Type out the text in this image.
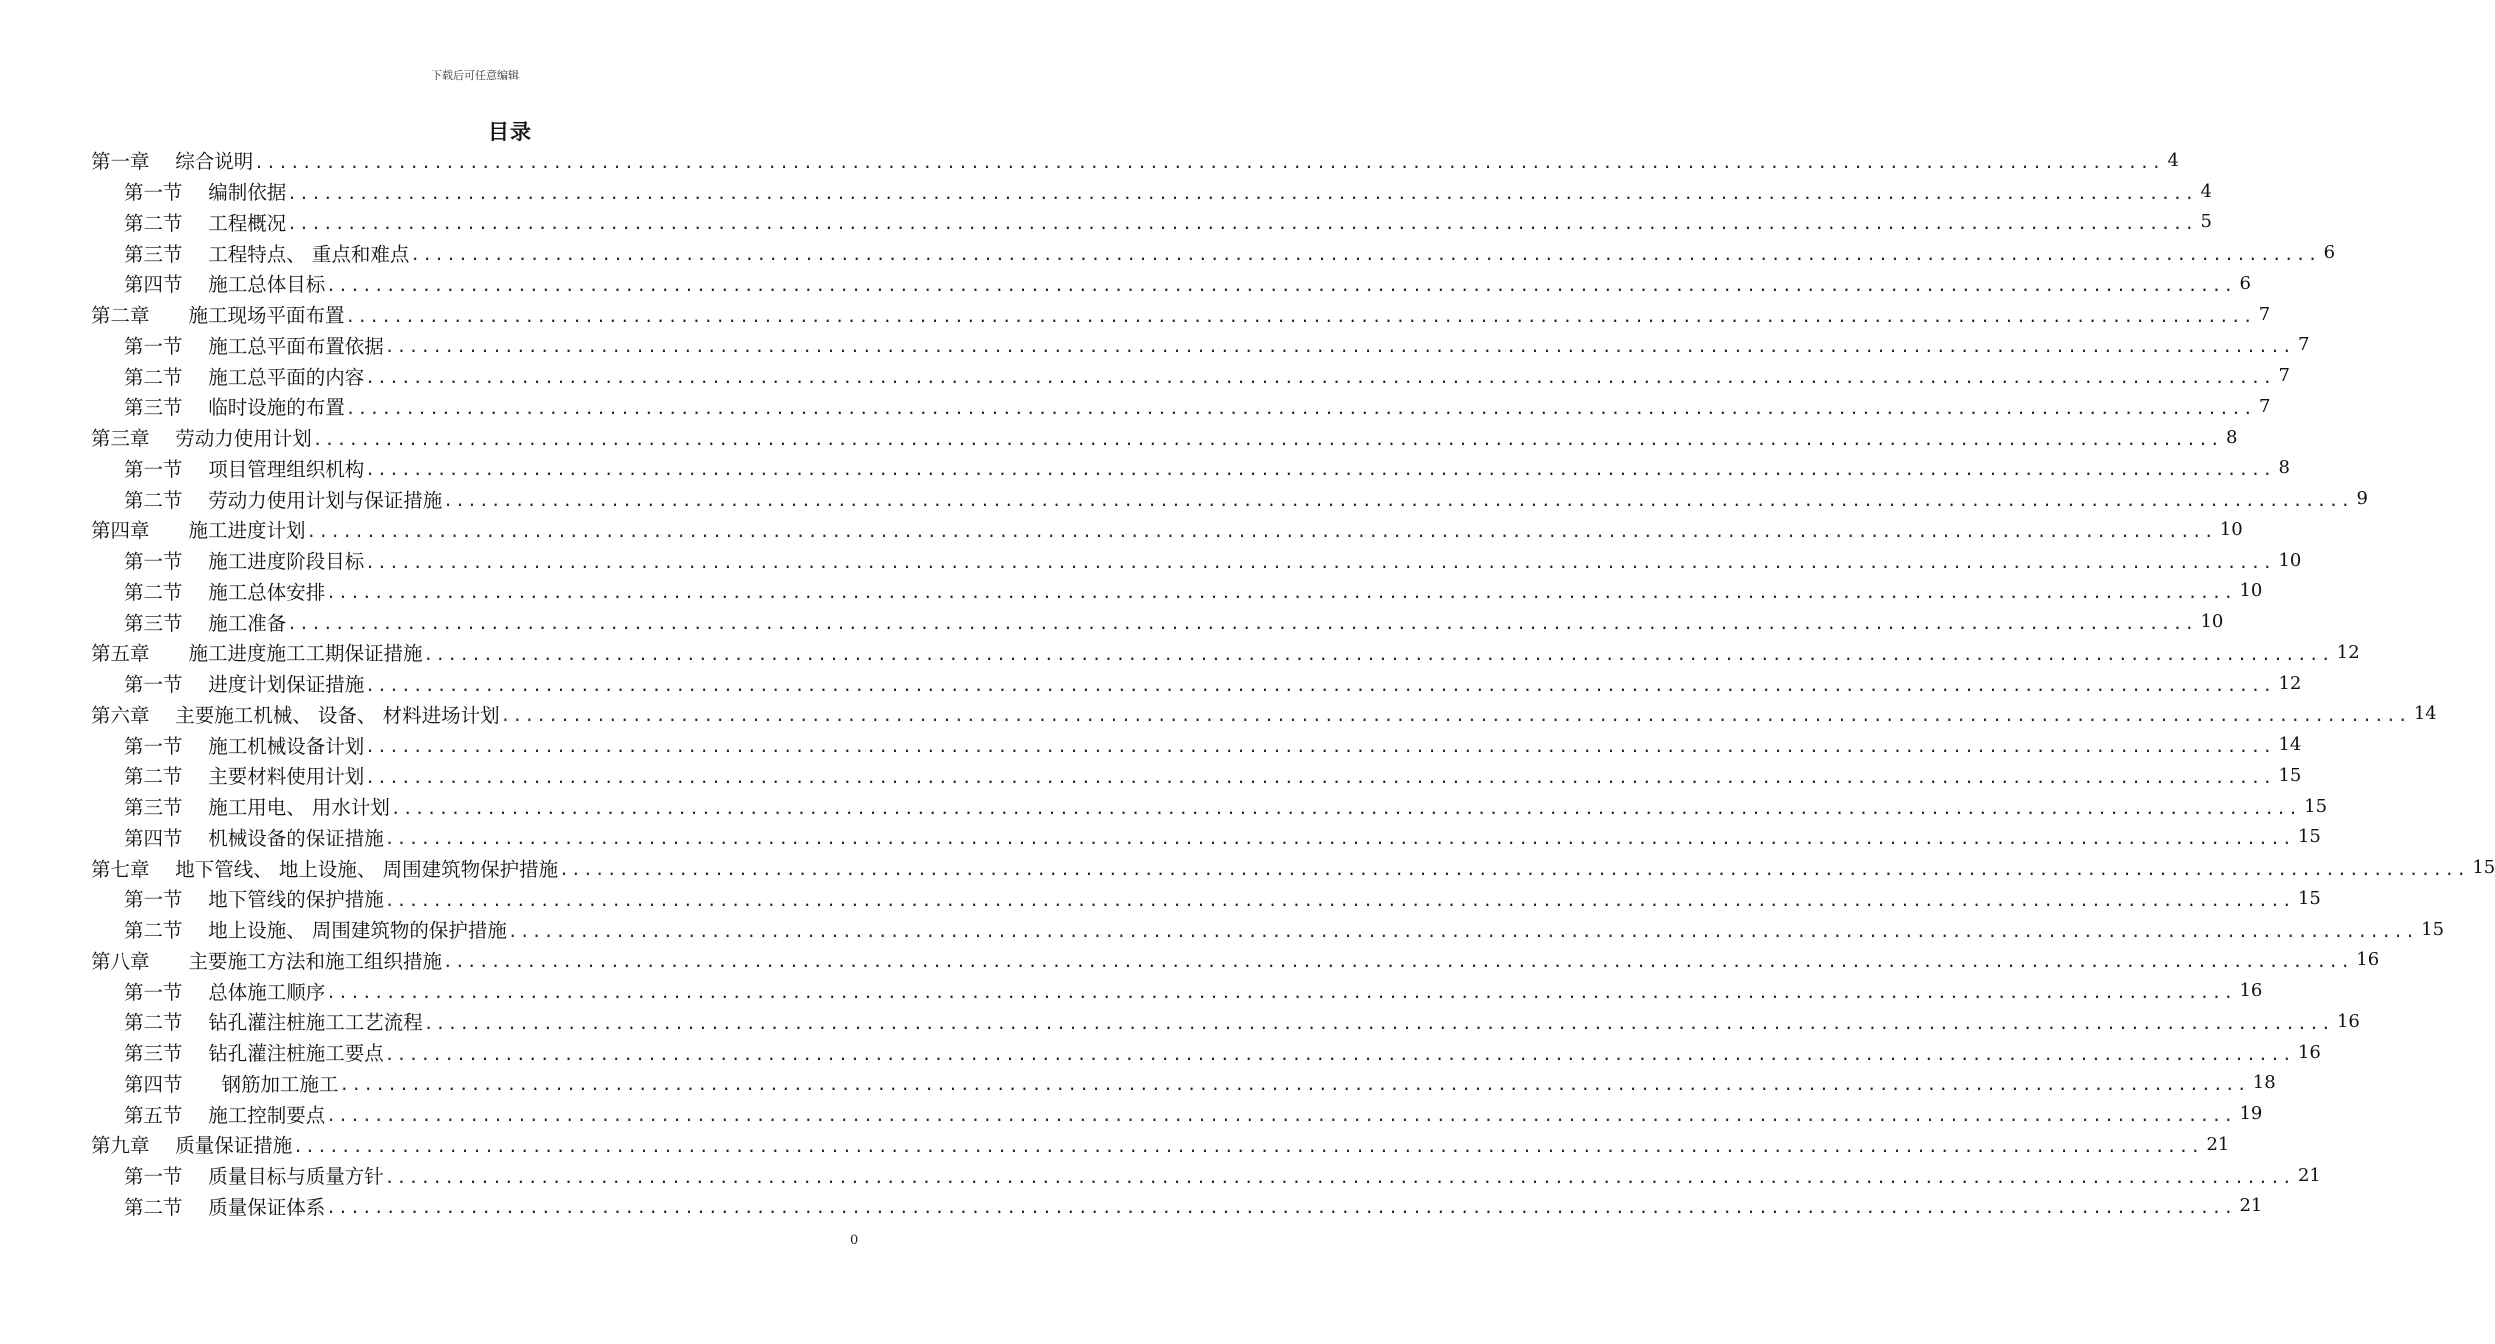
下载后可任意编辑
目录
第一章　 综合说明 ................................................................................................................................................................ 4
第一节　 编制依据 ................................................................................................................................................................ 4
第二节　 工程概况 ................................................................................................................................................................ 5
第三节　 工程特点、 重点和难点 ................................................................................................................................................................ 6
第四节　 施工总体目标 ................................................................................................................................................................ 6
第二章　　施工现场平面布置 ................................................................................................................................................................ 7
第一节　 施工总平面布置依据 ................................................................................................................................................................ 7
第二节　 施工总平面的内容 ................................................................................................................................................................ 7
第三节　 临时设施的布置 ................................................................................................................................................................ 7
第三章　 劳动力使用计划 ................................................................................................................................................................ 8
第一节　 项目管理组织机构 ................................................................................................................................................................ 8
第二节　 劳动力使用计划与保证措施 ................................................................................................................................................................ 9
第四章　　施工进度计划 ................................................................................................................................................................ 10
第一节　 施工进度阶段目标 ................................................................................................................................................................ 10
第二节　 施工总体安排 ................................................................................................................................................................ 10
第三节　 施工准备 ................................................................................................................................................................ 10
第五章　　施工进度施工工期保证措施 ................................................................................................................................................................ 12
第一节　 进度计划保证措施 ................................................................................................................................................................ 12
第六章　 主要施工机械、 设备、 材料进场计划 ................................................................................................................................................................ 14
第一节　 施工机械设备计划 ................................................................................................................................................................ 14
第二节　 主要材料使用计划 ................................................................................................................................................................ 15
第三节　 施工用电、 用水计划 ................................................................................................................................................................ 15
第四节　 机械设备的保证措施 ................................................................................................................................................................ 15
第七章　 地下管线、 地上设施、 周围建筑物保护措施 ................................................................................................................................................................ 15
第一节　 地下管线的保护措施 ................................................................................................................................................................ 15
第二节　 地上设施、 周围建筑物的保护措施 ................................................................................................................................................................ 15
第八章　　主要施工方法和施工组织措施 ................................................................................................................................................................ 16
第一节　 总体施工顺序 ................................................................................................................................................................ 16
第二节　 钻孔灌注桩施工工艺流程 ................................................................................................................................................................ 16
第三节　 钻孔灌注桩施工要点 ................................................................................................................................................................ 16
第四节　　钢筋加工施工 ................................................................................................................................................................ 18
第五节　 施工控制要点 ................................................................................................................................................................ 19
第九章　 质量保证措施 ................................................................................................................................................................ 21
第一节　 质量目标与质量方针 ................................................................................................................................................................ 21
第二节　 质量保证体系 ................................................................................................................................................................ 21
0
